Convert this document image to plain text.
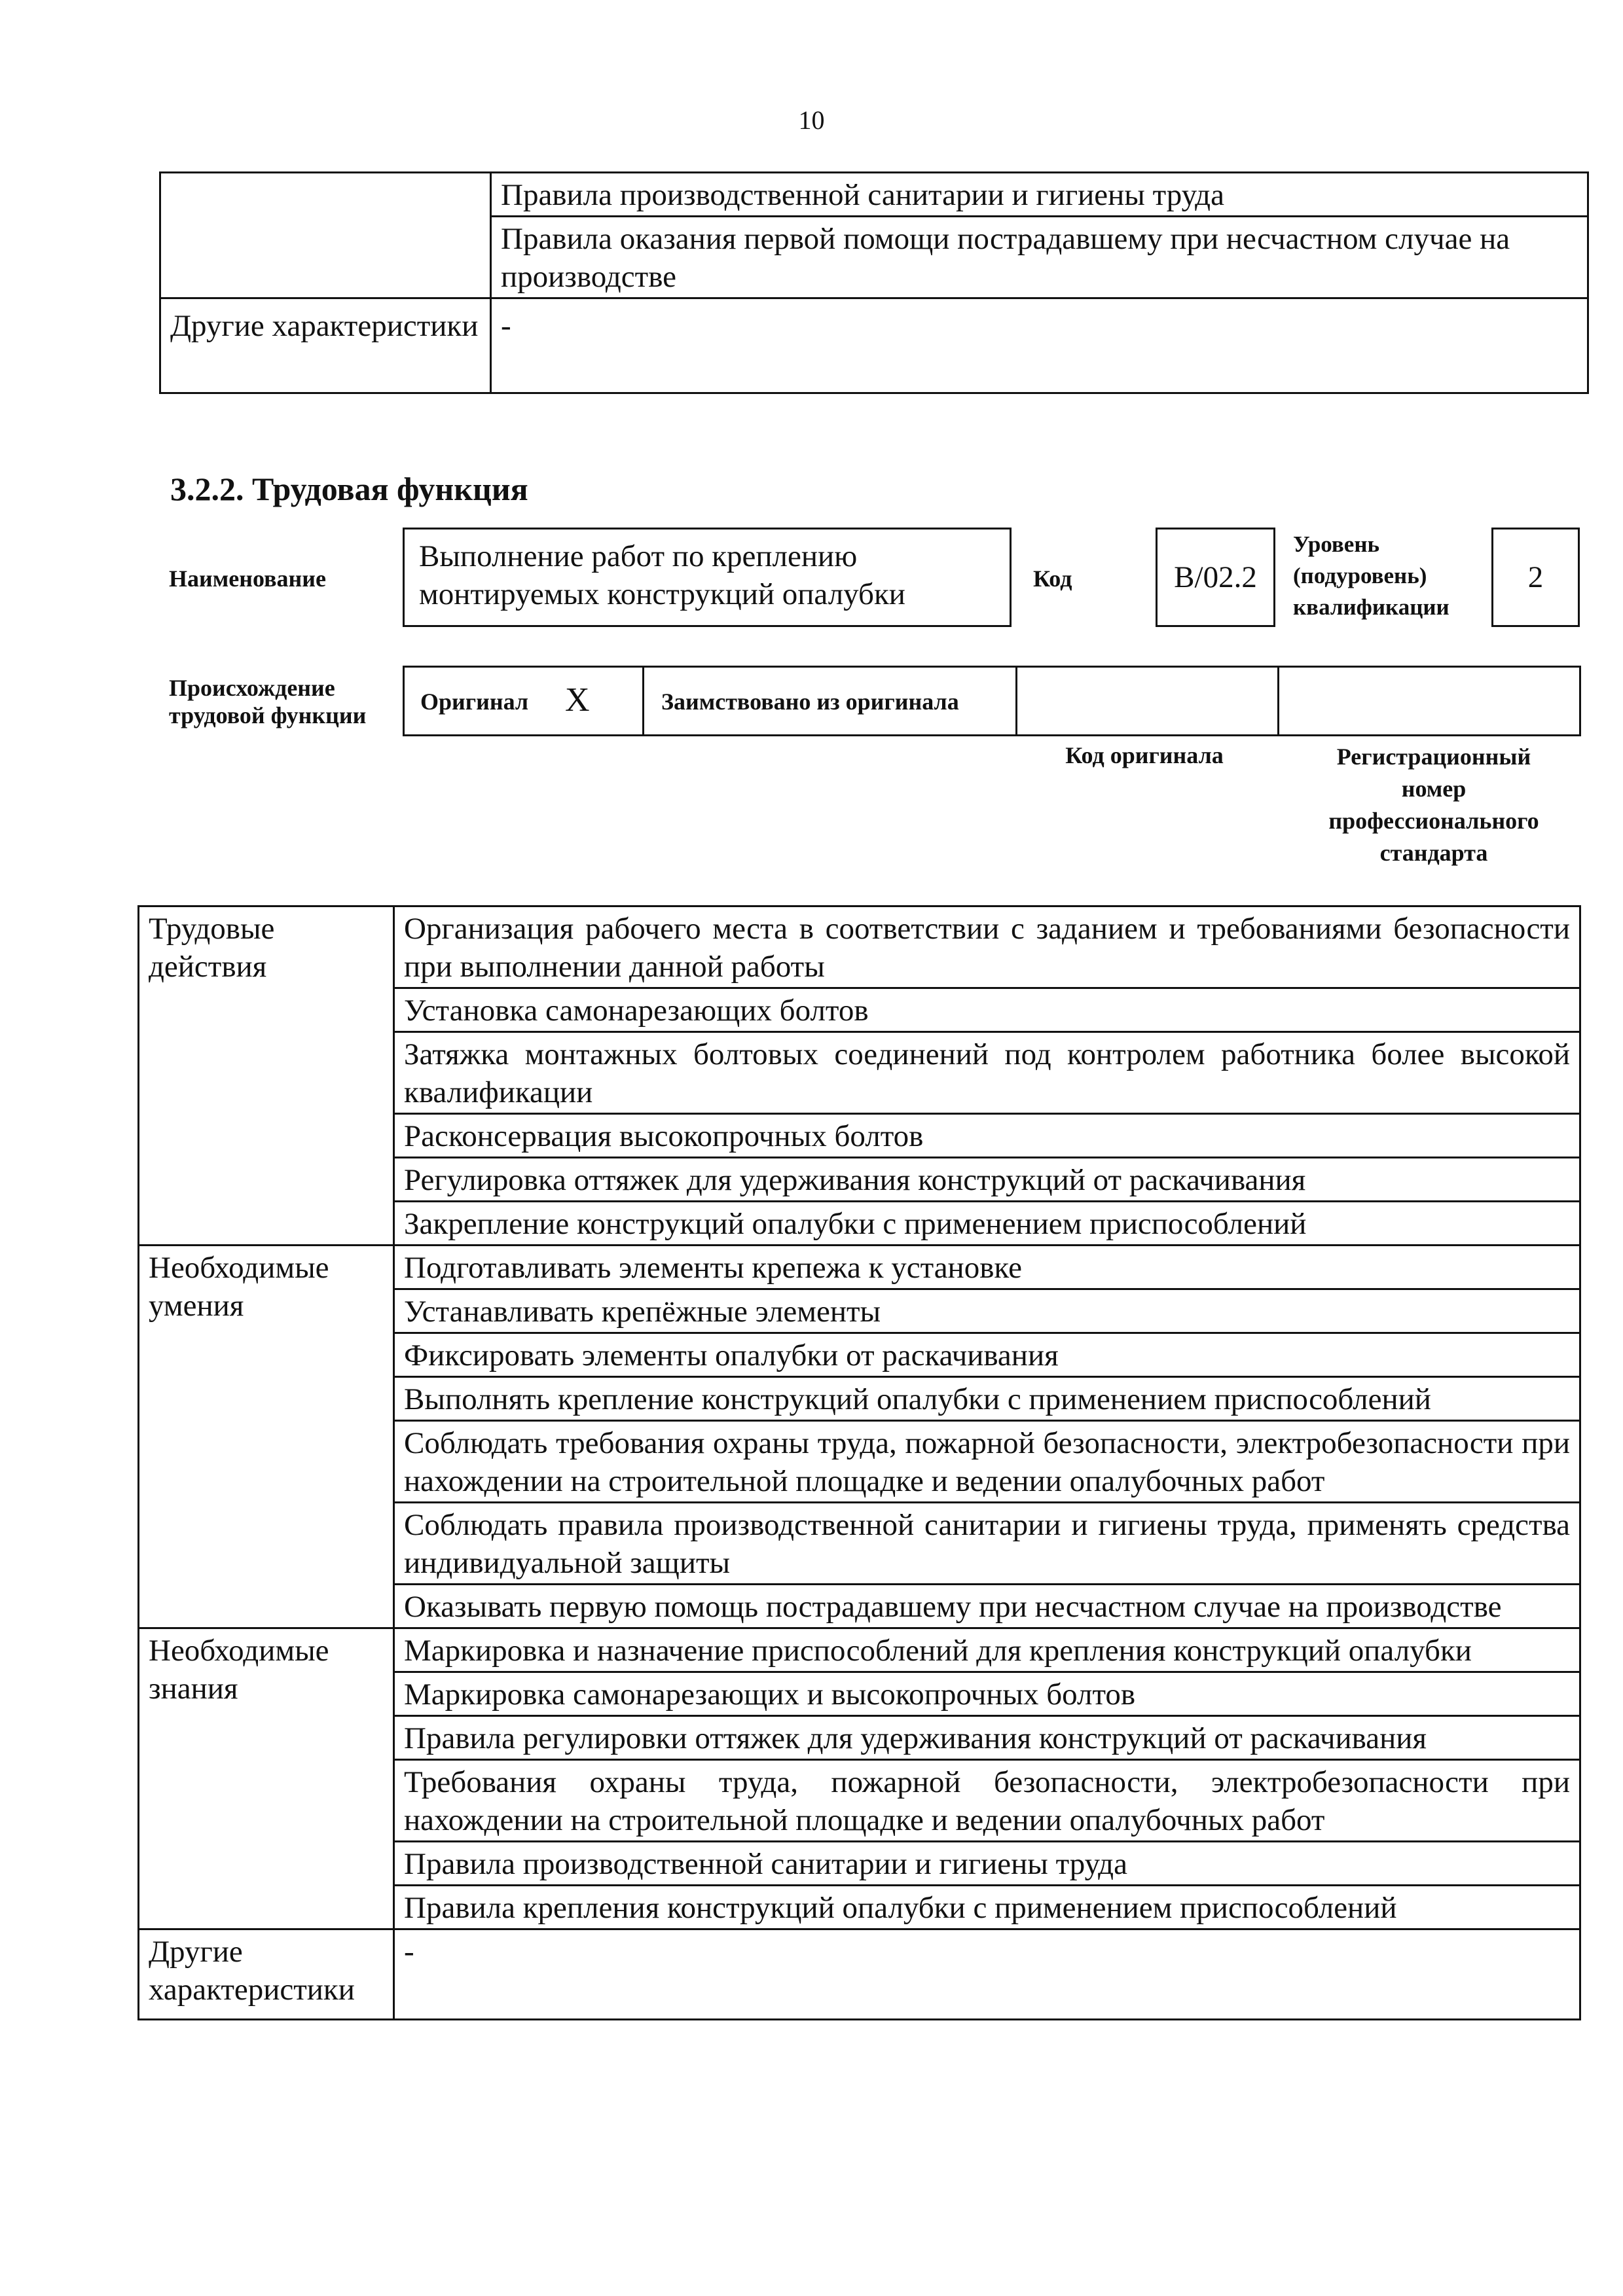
10
	Правила производственной санитарии и гигиены труда
	Правила оказания первой помощи пострадавшему при несчастном случае на производстве
Другие характеристики	-
3.2.2. Трудовая функция
Наименование
Выполнение работ по креплению монтируемых конструкций опалубки	Код	В/02.2
Уровень (подуровень) квалификации
2
Происхождение трудовой функции
Оригинал X	Заимствовано из оригинала
Код оригинала	Регистрационный номер профессионального стандарта
Трудовые действия	Организация рабочего места в соответствии с заданием и требованиями безопасности при выполнении данной работы
	Установка самонарезающих болтов
	Затяжка монтажных болтовых соединений под контролем работника более высокой квалификации
	Расконсервация высокопрочных болтов
	Регулировка оттяжек для удерживания конструкций от раскачивания
	Закрепление конструкций опалубки с применением приспособлений
Необходимые умения	Подготавливать элементы крепежа к установке
	Устанавливать крепёжные элементы
	Фиксировать элементы опалубки от раскачивания
	Выполнять крепление конструкций опалубки с применением приспособлений
	Соблюдать требования охраны труда, пожарной безопасности, электробезопасности при нахождении на строительной площадке и ведении опалубочных работ
	Соблюдать правила производственной санитарии и гигиены труда, применять средства индивидуальной защиты
	Оказывать первую помощь пострадавшему при несчастном случае на производстве
Необходимые знания	Маркировка и назначение приспособлений для крепления конструкций опалубки
	Маркировка самонарезающих и высокопрочных болтов
	Правила регулировки оттяжек для удерживания конструкций от раскачивания
	Требования охраны труда, пожарной безопасности, электробезопасности при нахождении на строительной площадке и ведении опалубочных работ
	Правила производственной санитарии и гигиены труда
	Правила крепления конструкций опалубки с применением приспособлений
Другие характеристики	-
